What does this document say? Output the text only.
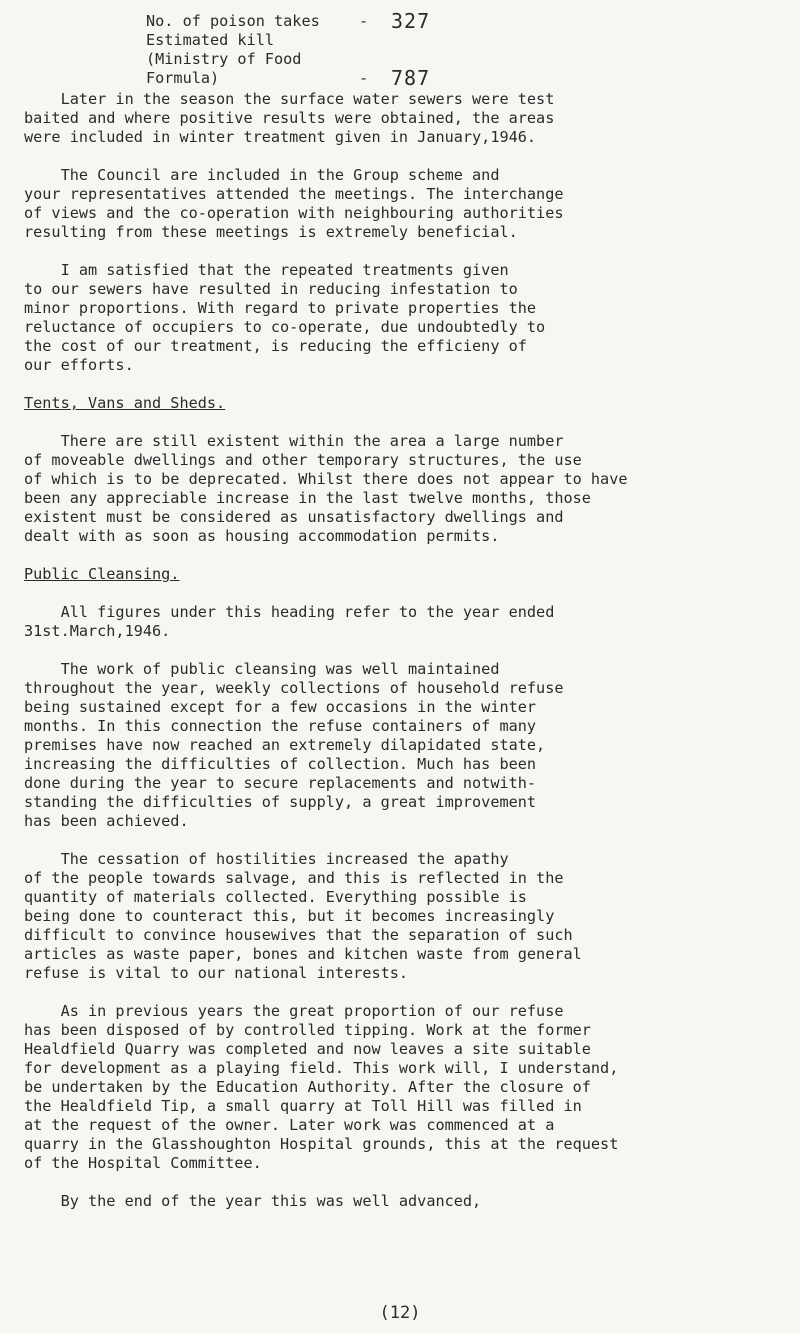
No. of poison takes	- 327
Estimated kill
(Ministry of Food
Formula)	- 787

Later in the season the surface water sewers were test
baited and where positive results were obtained, the areas
were included in winter treatment given in January,1946.

The Council are included in the Group scheme and
your representatives attended the meetings. The interchange
of views and the co-operation with neighbouring authorities
resulting from these meetings is extremely beneficial.

I am satisfied that the repeated treatments given
to our sewers have resulted in reducing infestation to
minor proportions. With regard to private properties the
reluctance of occupiers to co-operate, due undoubtedly to
the cost of our treatment, is reducing the efficieny of
our efforts.

Tents, Vans and Sheds.

There are still existent within the area a large number
of moveable dwellings and other temporary structures, the use
of which is to be deprecated. Whilst there does not appear to have
been any appreciable increase in the last twelve months, those
existent must be considered as unsatisfactory dwellings and
dealt with as soon as housing accommodation permits.

Public Cleansing.

All figures under this heading refer to the year ended
31st.March,1946.

The work of public cleansing was well maintained
throughout the year, weekly collections of household refuse
being sustained except for a few occasions in the winter
months. In this connection the refuse containers of many
premises have now reached an extremely dilapidated state,
increasing the difficulties of collection. Much has been
done during the year to secure replacements and notwith-
standing the difficulties of supply, a great improvement
has been achieved.

The cessation of hostilities increased the apathy
of the people towards salvage, and this is reflected in the
quantity of materials collected. Everything possible is
being done to counteract this, but it becomes increasingly
difficult to convince housewives that the separation of such
articles as waste paper, bones and kitchen waste from general
refuse is vital to our national interests.

As in previous years the great proportion of our refuse
has been disposed of by controlled tipping. Work at the former
Healdfield Quarry was completed and now leaves a site suitable
for development as a playing field. This work will, I understand,
be undertaken by the Education Authority. After the closure of
the Healdfield Tip, a small quarry at Toll Hill was filled in
at the request of the owner. Later work was commenced at a
quarry in the Glasshoughton Hospital grounds, this at the request
of the Hospital Committee.

By the end of the year this was well advanced,

(12)
